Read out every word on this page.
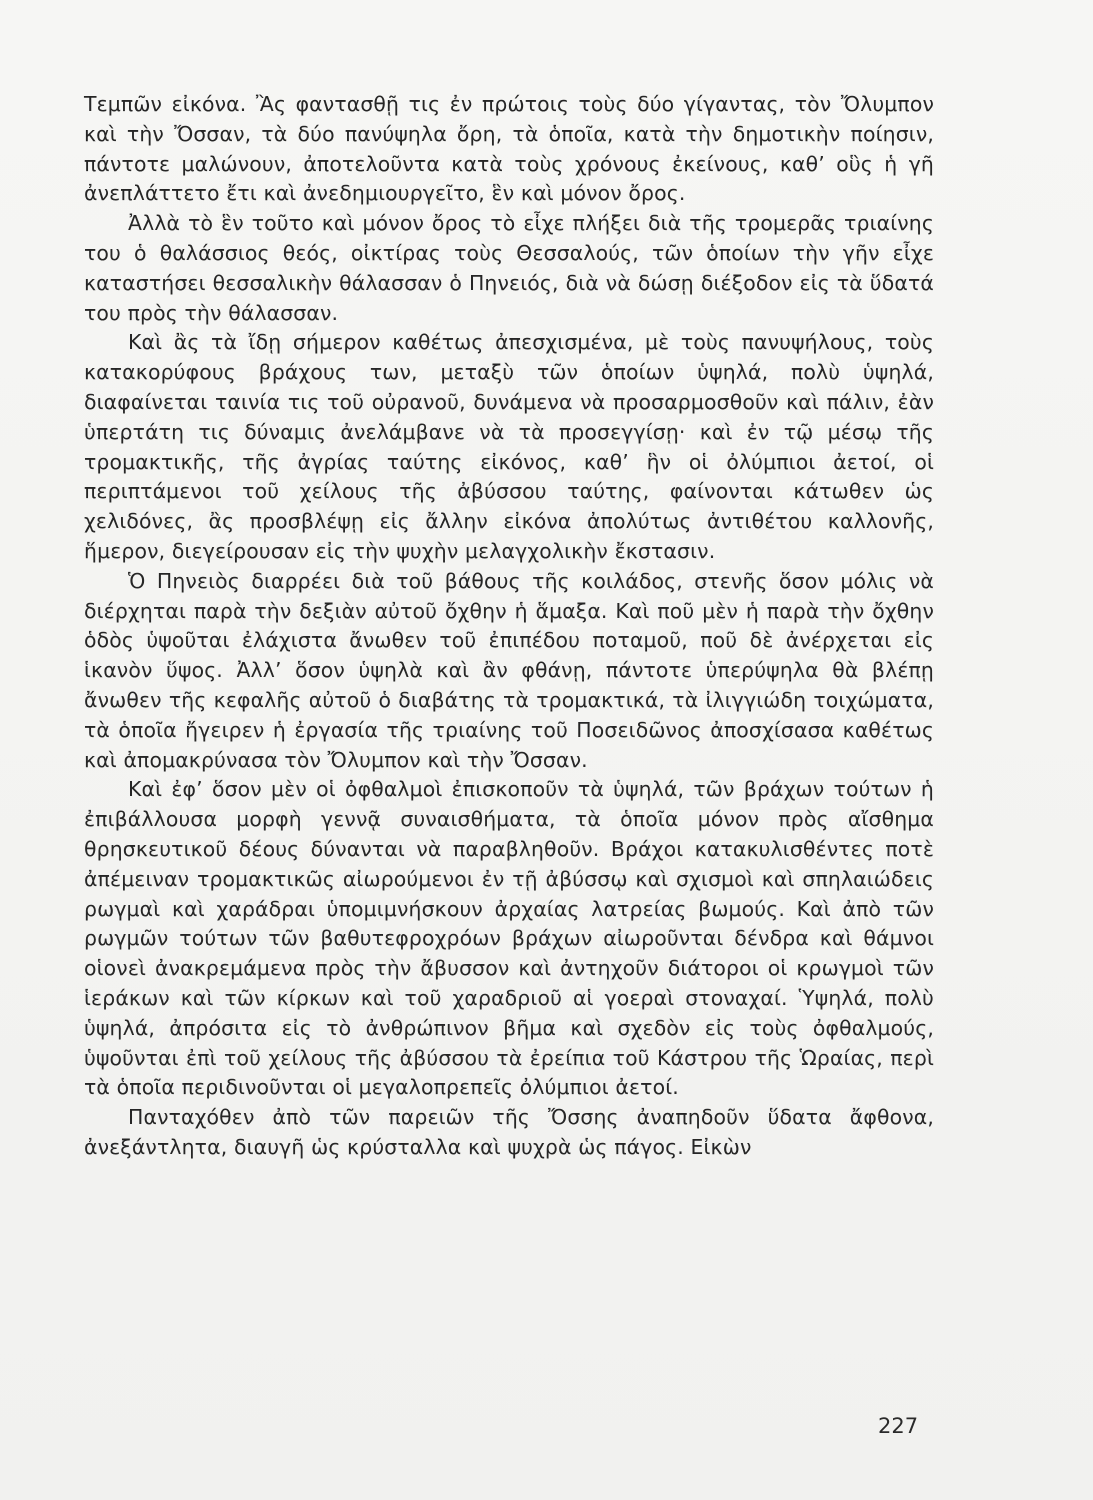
Τεμπῶν εἰκόνα. Ἂς φαντασθῇ τις ἐν πρώτοις τοὺς δύο γίγαντας, τὸν Ὄλυμπον καὶ τὴν Ὄσσαν, τὰ δύο πανύψηλα ὄρη, τὰ ὁποῖα, κατὰ τὴν δημοτικὴν ποίησιν, πάντοτε μαλώνουν, ἀποτελοῦντα κατὰ τοὺς χρόνους ἐκείνους, καθ’ οὓς ἡ γῆ ἀνεπλάττετο ἔτι καὶ ἀνεδημιουργεῖτο, ἓν καὶ μόνον ὄρος.

Ἀλλὰ τὸ ἓν τοῦτο καὶ μόνον ὄρος τὸ εἶχε πλήξει διὰ τῆς τρομερᾶς τριαίνης του ὁ θαλάσσιος θεός, οἰκτίρας τοὺς Θεσσαλούς, τῶν ὁποίων τὴν γῆν εἶχε καταστήσει θεσσαλικὴν θάλασσαν ὁ Πηνειός, διὰ νὰ δώσῃ διέξοδον εἰς τὰ ὕδατά του πρὸς τὴν θάλασσαν.

Καὶ ἂς τὰ ἴδῃ σήμερον καθέτως ἀπεσχισμένα, μὲ τοὺς πανυψήλους, τοὺς κατακορύφους βράχους των, μεταξὺ τῶν ὁποίων ὑψηλά, πολὺ ὑψηλά, διαφαίνεται ταινία τις τοῦ οὐρανοῦ, δυνάμενα νὰ προσαρμοσθοῦν καὶ πάλιν, ἐὰν ὑπερτάτη τις δύναμις ἀνελάμβανε νὰ τὰ προσεγγίσῃ· καὶ ἐν τῷ μέσῳ τῆς τρομακτικῆς, τῆς ἀγρίας ταύτης εἰκόνος, καθ’ ἣν οἱ ὀλύμπιοι ἀετοί, οἱ περιπτάμενοι τοῦ χείλους τῆς ἀβύσσου ταύτης, φαίνονται κάτωθεν ὡς χελιδόνες, ἂς προσβλέψῃ εἰς ἄλλην εἰκόνα ἀπολύτως ἀντιθέτου καλλονῆς, ἥμερον, διεγείρουσαν εἰς τὴν ψυχὴν μελαγχολικὴν ἔκστασιν.

Ὁ Πηνειὸς διαρρέει διὰ τοῦ βάθους τῆς κοιλάδος, στενῆς ὅσον μόλις νὰ διέρχηται παρὰ τὴν δεξιὰν αὐτοῦ ὄχθην ἡ ἅμαξα. Καὶ ποῦ μὲν ἡ παρὰ τὴν ὄχθην ὁδὸς ὑψοῦται ἐλάχιστα ἄνωθεν τοῦ ἐπιπέδου ποταμοῦ, ποῦ δὲ ἀνέρχεται εἰς ἱκανὸν ὕψος. Ἀλλ’ ὅσον ὑψηλὰ καὶ ἂν φθάνῃ, πάντοτε ὑπερύψηλα θὰ βλέπῃ ἄνωθεν τῆς κεφαλῆς αὐτοῦ ὁ διαβάτης τὰ τρομακτικά, τὰ ἰλιγγιώδη τοιχώματα, τὰ ὁποῖα ἤγειρεν ἡ ἐργασία τῆς τριαίνης τοῦ Ποσειδῶνος ἀποσχίσασα καθέτως καὶ ἀπομακρύνασα τὸν Ὄλυμπον καὶ τὴν Ὄσσαν.

Καὶ ἐφ’ ὅσον μὲν οἱ ὀφθαλμοὶ ἐπισκοποῦν τὰ ὑψηλά, τῶν βράχων τούτων ἡ ἐπιβάλλουσα μορφὴ γεννᾷ συναισθήματα, τὰ ὁποῖα μόνον πρὸς αἴσθημα θρησκευτικοῦ δέους δύνανται νὰ παραβληθοῦν. Βράχοι κατακυλισθέντες ποτὲ ἀπέμειναν τρομακτικῶς αἰωρούμενοι ἐν τῇ ἀβύσσῳ καὶ σχισμοὶ καὶ σπηλαιώδεις ρωγμαὶ καὶ χαράδραι ὑπομιμνήσκουν ἀρχαίας λατρείας βωμούς. Καὶ ἀπὸ τῶν ρωγμῶν τούτων τῶν βαθυτεφροχρόων βράχων αἰωροῦνται δένδρα καὶ θάμνοι οἱονεὶ ἀνακρεμάμενα πρὸς τὴν ἄβυσσον καὶ ἀντηχοῦν διάτοροι οἱ κρωγμοὶ τῶν ἱεράκων καὶ τῶν κίρκων καὶ τοῦ χαραδριοῦ αἱ γοεραὶ στοναχαί. Ὑψηλά, πολὺ ὑψηλά, ἀπρόσιτα εἰς τὸ ἀνθρώπινον βῆμα καὶ σχεδὸν εἰς τοὺς ὀφθαλμούς, ὑψοῦνται ἐπὶ τοῦ χείλους τῆς ἀβύσσου τὰ ἐρείπια τοῦ Κάστρου τῆς Ὡραίας, περὶ τὰ ὁποῖα περιδινοῦνται οἱ μεγαλοπρεπεῖς ὀλύμπιοι ἀετοί.

Πανταχόθεν ἀπὸ τῶν παρειῶν τῆς Ὄσσης ἀναπηδοῦν ὕδατα ἄφθονα, ἀνεξάντλητα, διαυγῆ ὡς κρύσταλλα καὶ ψυχρὰ ὡς πάγος. Εἰκὼν

227
